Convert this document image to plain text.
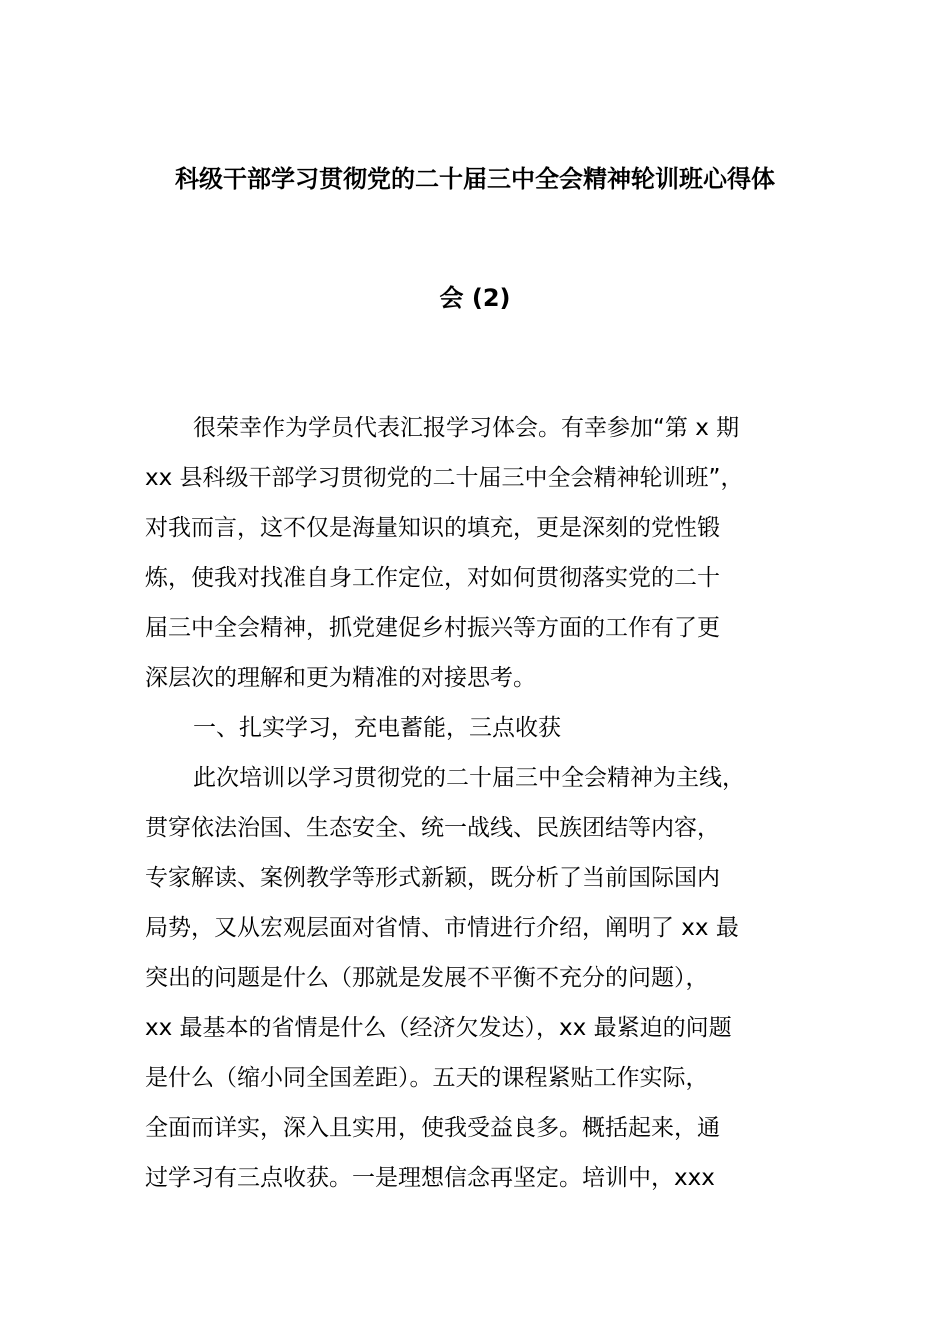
科级干部学习贯彻党的二十届三中全会精神轮训班心得体
会 (2)
很荣幸作为学员代表汇报学习体会。有幸参加“第 x 期
xx 县科级干部学习贯彻党的二十届三中全会精神轮训班”，
对我而言，这不仅是海量知识的填充，更是深刻的党性锻
炼，使我对找准自身工作定位，对如何贯彻落实党的二十
届三中全会精神，抓党建促乡村振兴等方面的工作有了更
深层次的理解和更为精准的对接思考。
一、扎实学习，充电蓄能，三点收获
此次培训以学习贯彻党的二十届三中全会精神为主线，
贯穿依法治国、生态安全、统一战线、民族团结等内容，
专家解读、案例教学等形式新颖，既分析了当前国际国内
局势，又从宏观层面对省情、市情进行介绍，阐明了 xx 最
突出的问题是什么（那就是发展不平衡不充分的问题），
xx 最基本的省情是什么（经济欠发达），xx 最紧迫的问题
是什么（缩小同全国差距）。五天的课程紧贴工作实际，
全面而详实，深入且实用，使我受益良多。概括起来，通
过学习有三点收获。一是理想信念再坚定。培训中，xxx
